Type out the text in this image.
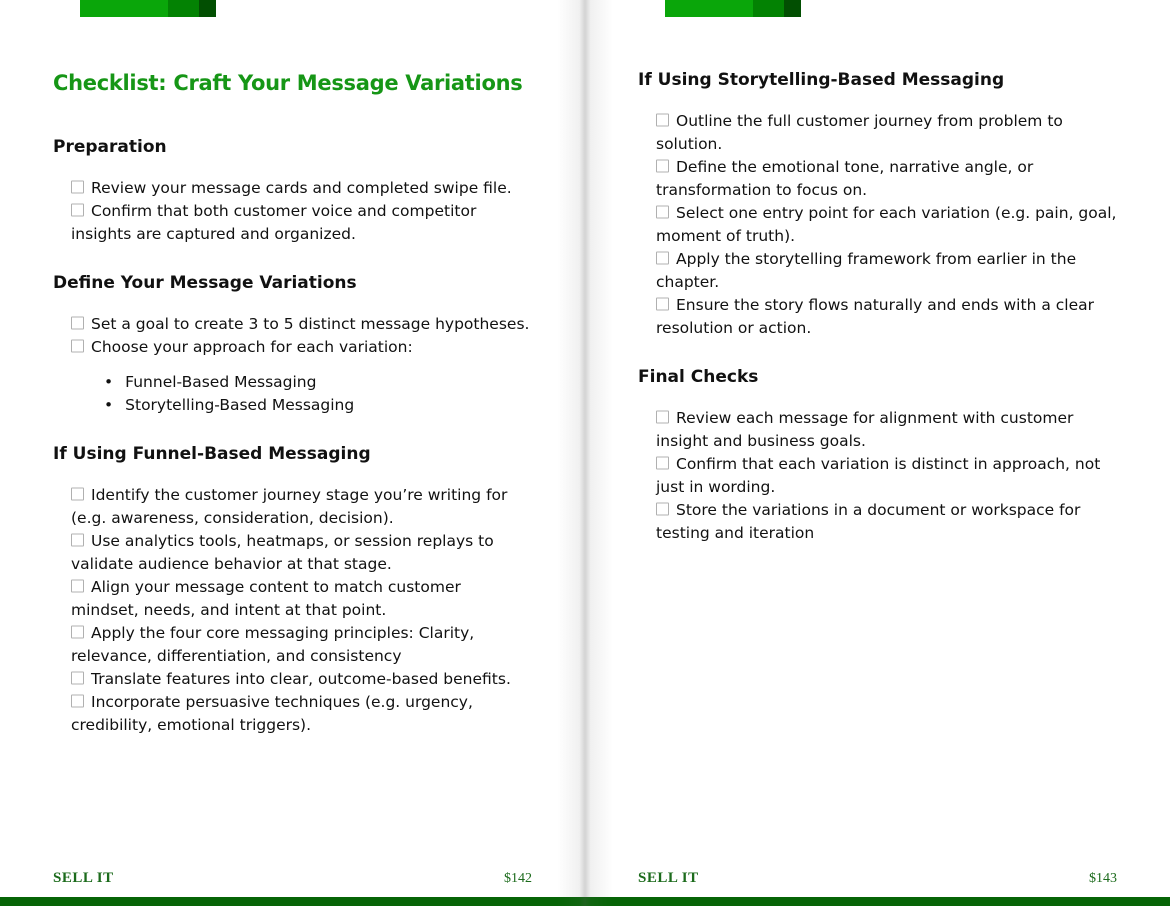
Checklist: Craft Your Message Variations
Preparation

Review your message cards and completed swipe file.

Confirm that both customer voice and competitor insights are captured and organized.

Define Your Message Variations

Set a goal to create 3 to 5 distinct message hypotheses.

Choose your approach for each variation:

• Funnel-Based Messaging
• Storytelling-Based Messaging
If Using Funnel-Based Messaging

Identify the customer journey stage you’re writing for (e.g. awareness, consideration, decision).

Use analytics tools, heatmaps, or session replays to validate audience behavior at that stage.

Align your message content to match customer mindset, needs, and intent at that point.

Apply the four core messaging principles: Clarity, relevance, differentiation, and consistency

Translate features into clear, outcome-based benefits.

Incorporate persuasive techniques (e.g. urgency, credibility, emotional triggers).

SELL IT	$142
If Using Storytelling-Based Messaging

Outline the full customer journey from problem to solution.

Define the emotional tone, narrative angle, or transformation to focus on.

Select one entry point for each variation (e.g. pain, goal, moment of truth).

Apply the storytelling framework from earlier in the chapter.

Ensure the story flows naturally and ends with a clear resolution or action.

Final Checks

Review each message for alignment with customer insight and business goals.

Confirm that each variation is distinct in approach, not just in wording.

Store the variations in a document or workspace for testing and iteration

SELL IT	$143
